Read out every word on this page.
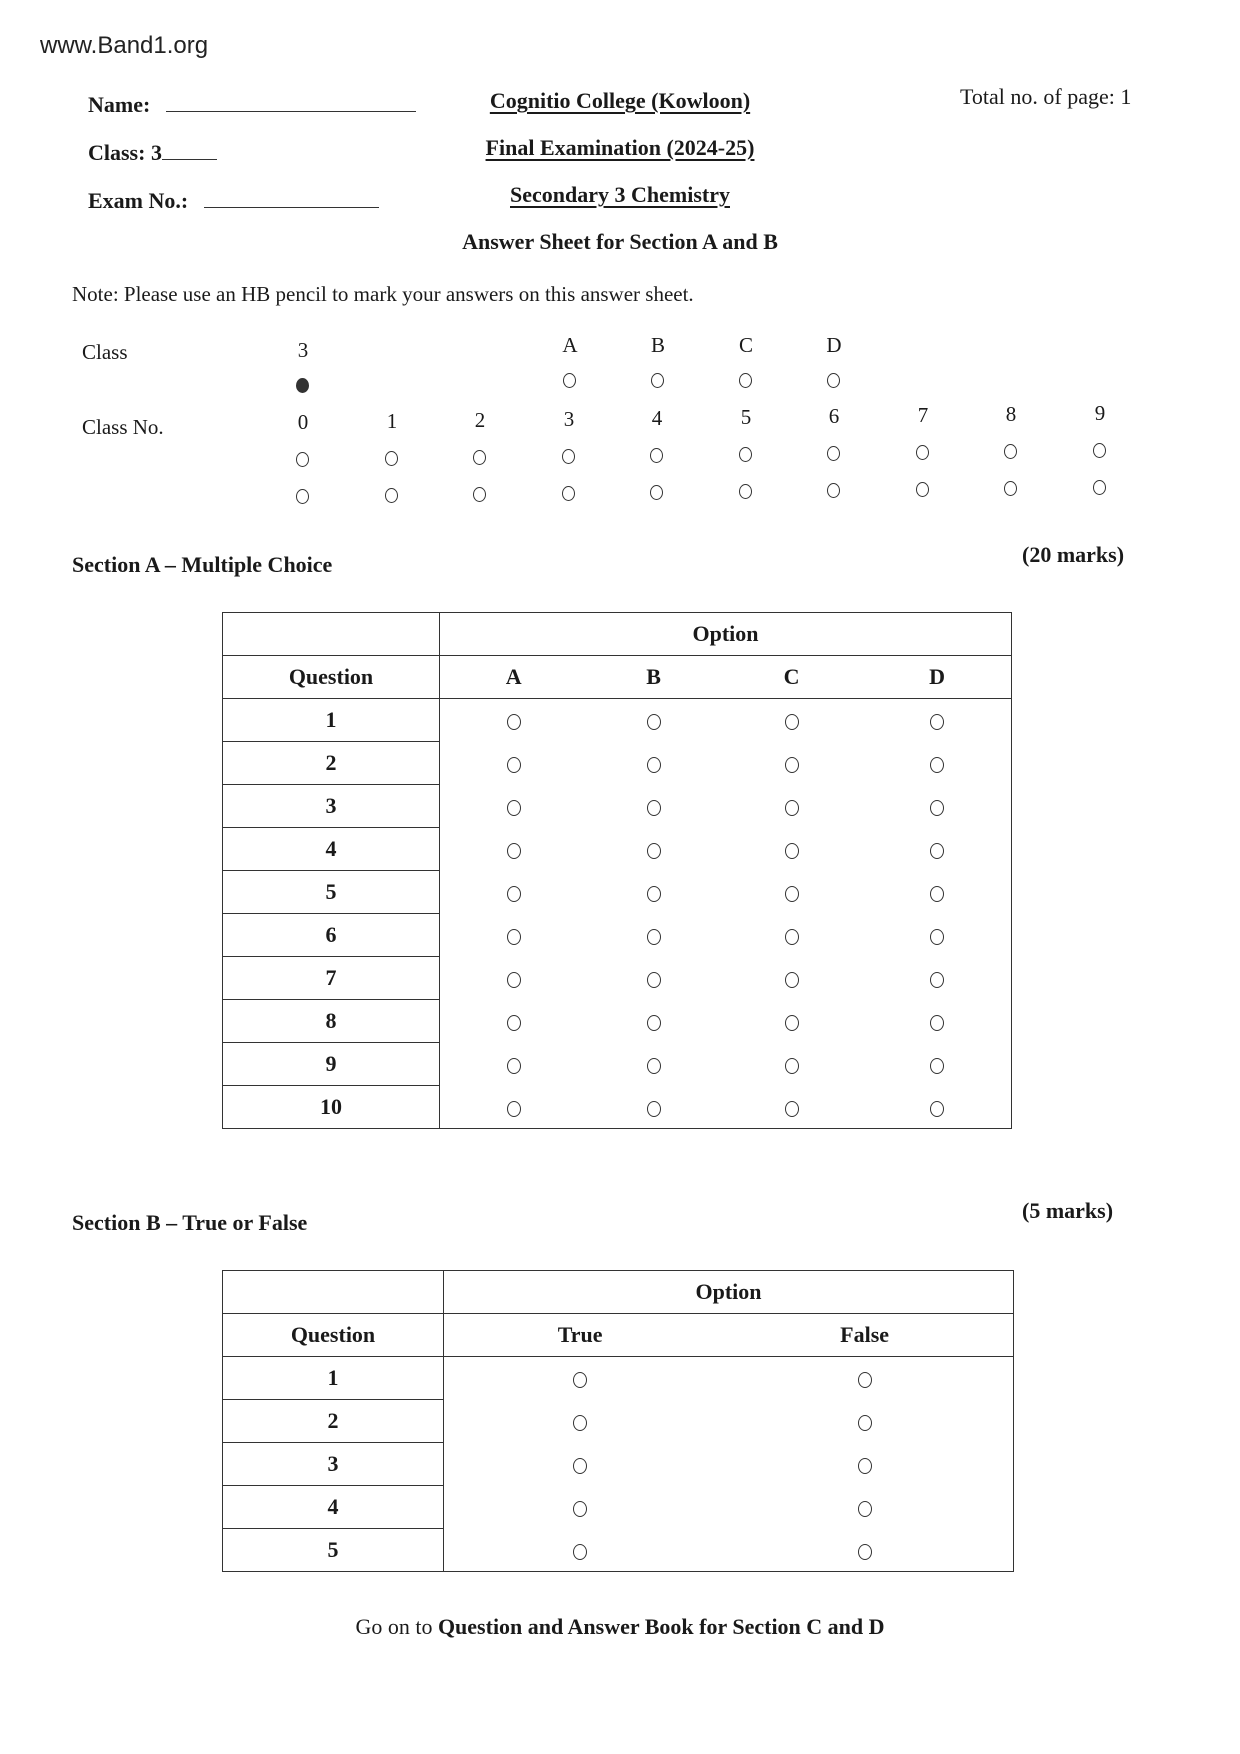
www.Band1.org
Name:
Class: 3
Exam No.:
Cognitio College (Kowloon)
Final Examination (2024-25)
Secondary 3 Chemistry
Answer Sheet for Section A and B
Total no. of page: 1
Note: Please use an HB pencil to mark your answers on this answer sheet.
Class	3	A	B	C	D
Class No.	0	1	2	3	4	5	6	7	8	9
Section A – Multiple Choice	(20 marks)
	Option			
Question	A	B	C	D
1				
2				
3				
4				
5				
6				
7				
8				
9				
10				
Section B – True or False	(5 marks)
	Option	
Question	True	False
1		
2		
3		
4		
5		
Go on to Question and Answer Book for Section C and D
